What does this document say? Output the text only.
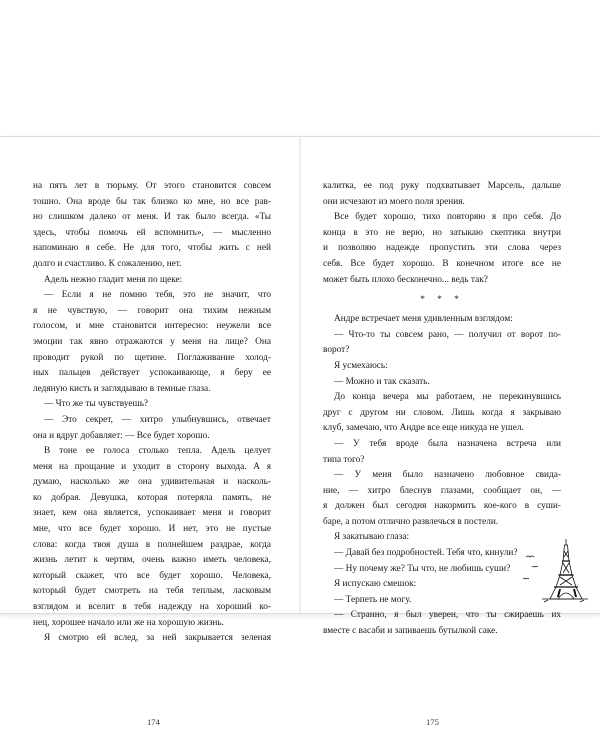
на пять лет в тюрьму. От этого становится совсем
тошно. Она вроде бы так близко ко мне, но все рав-
но слишком далеко от меня. И так было всегда. «Ты
здесь, чтобы помочь ей вспомнить», — мысленно
напоминаю я себе. Не для того, чтобы жить с ней
долго и счастливо. К сожалению, нет.
Адель нежно гладит меня по щеке:
— Если я не помню тебя, это не значит, что
я не чувствую, — говорит она тихим нежным
голосом, и мне становится интересно: неужели все
эмоции так явно отражаются у меня на лице? Она
проводит рукой по щетине. Поглаживание холод-
ных пальцев действует успокаивающе, я беру ее
ледяную кисть и заглядываю в темные глаза.
— Что же ты чувствуешь?
— Это секрет, — хитро улыбнувшись, отвечает
она и вдруг добавляет: — Все будет хорошо.
В тоне ее голоса столько тепла. Адель целует
меня на прощание и уходит в сторону выхода. А я
думаю, насколько же она удивительная и насколь-
ко добрая. Девушка, которая потеряла память, не
знает, кем она является, успокаивает меня и говорит
мне, что все будет хорошо. И нет, это не пустые
слова: когда твоя душа в полнейшем раздрае, когда
жизнь летит к чертям, очень важно иметь человека,
который скажет, что все будет хорошо. Человека,
который будет смотреть на тебя теплым, ласковым
взглядом и вселит в тебя надежду на хороший ко-
нец, хорошее начало или же на хорошую жизнь.
Я смотрю ей вслед, за ней закрывается зеленая
174
калитка, ее под руку подхватывает Марсель, дальше
они исчезают из моего поля зрения.
Все будет хорошо, тихо повторяю я про себя. До
конца в это не верю, но затыкаю скептика внутри
и позволяю надежде пропустить эти слова через
себя. Все будет хорошо. В конечном итоге все не
может быть плохо бесконечно... ведь так?
* * *
Андре встречает меня удивленным взглядом:
— Что-то ты совсем рано, — получил от ворот по-
ворот?
Я усмехаюсь:
— Можно и так сказать.
До конца вечера мы работаем, не перекинувшись
друг с другом ни словом. Лишь когда я закрываю
клуб, замечаю, что Андре все еще никуда не ушел.
— У тебя вроде была назначена встреча или
типа того?
— У меня было назначено любовное свида-
ние, — хитро блеснув глазами, сообщает он, —
я должен был сегодня накормить кое-кого в суши-
баре, а потом отлично развлечься в постели.
Я закатываю глаза:
— Давай без подробностей. Тебя что, кинули?
— Ну почему же? Ты что, не любишь суши?
Я испускаю смешок:
— Терпеть не могу.
— Странно, я был уверен, что ты сжираешь их
вместе с васаби и запиваешь бутылкой саке.
175
